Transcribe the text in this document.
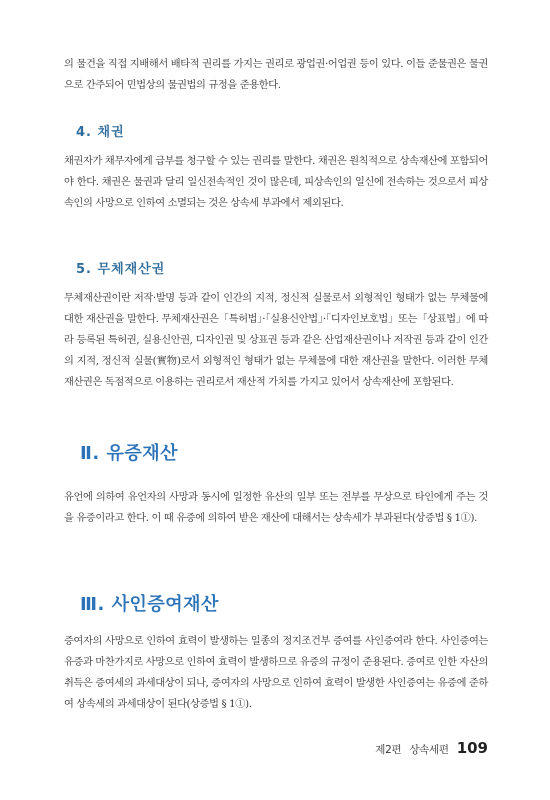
의 물건을 직접 지배해서 배타적 권리를 가지는 권리로 광업권·어업권 등이 있다. 이들 준물권은 물권으로 간주되어 민법상의 물권법의 규정을 준용한다.

4. 채권

채권자가 채무자에게 급부를 청구할 수 있는 권리를 말한다. 채권은 원칙적으로 상속재산에 포함되어야 한다. 채권은 물권과 달리 일신전속적인 것이 많은데, 피상속인의 일신에 전속하는 것으로서 피상속인의 사망으로 인하여 소멸되는 것은 상속세 부과에서 제외된다.

5. 무체재산권

무체재산권이란 저작·발명 등과 같이 인간의 지적, 정신적 실물로서 외형적인 형태가 없는 무체물에 대한 재산권을 말한다. 무체재산권은「특허법」·「실용신안법」·「디자인보호법」또는「상표법」에 따라 등록된 특허권, 실용신안권, 디자인권 및 상표권 등과 같은 산업재산권이나 저작권 등과 같이 인간의 지적, 정신적 실물(實物)로서 외형적인 형태가 없는 무체물에 대한 재산권을 말한다. 이러한 무체재산권은 독점적으로 이용하는 권리로서 재산적 가치를 가지고 있어서 상속재산에 포함된다.

Ⅱ. 유증재산

유언에 의하여 유언자의 사망과 동시에 일정한 유산의 일부 또는 전부를 무상으로 타인에게 주는 것을 유증이라고 한다. 이 때 유증에 의하여 받은 재산에 대해서는 상속세가 부과된다(상증법 § 1①).

Ⅲ. 사인증여재산

증여자의 사망으로 인하여 효력이 발생하는 일종의 정지조건부 증여를 사인증여라 한다. 사인증여는 유증과 마찬가지로 사망으로 인하여 효력이 발생하므로 유증의 규정이 준용된다. 증여로 인한 자산의 취득은 증여세의 과세대상이 되나, 증여자의 사망으로 인하여 효력이 발생한 사인증여는 유증에 준하여 상속세의 과세대상이 된다(상증법 § 1①).

제2편 상속세편 109
